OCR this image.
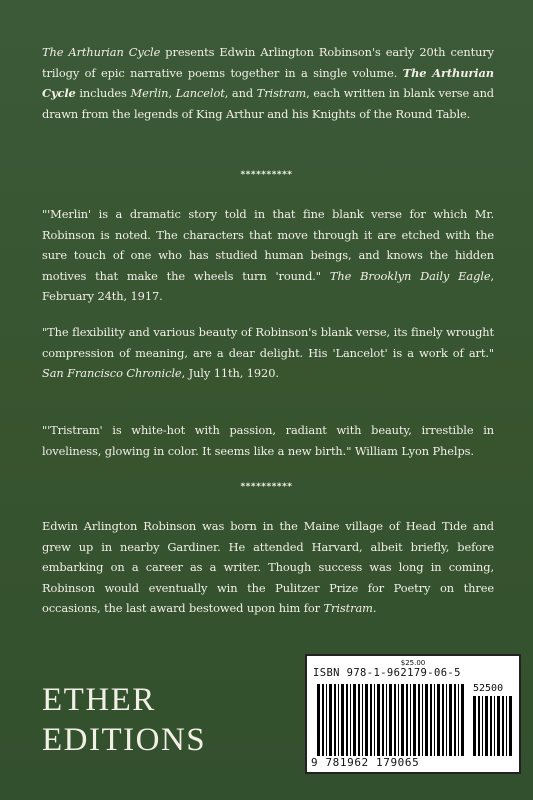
The Arthurian Cycle presents Edwin Arlington Robinson's early 20th century trilogy of epic narrative poems together in a single volume. The Arthurian Cycle includes Merlin, Lancelot, and Tristram, each written in blank verse and drawn from the legends of King Arthur and his Knights of the Round Table.

**********

"'Merlin' is a dramatic story told in that fine blank verse for which Mr. Robinson is noted. The characters that move through it are etched with the sure touch of one who has studied human beings, and knows the hidden motives that make the wheels turn 'round." The Brooklyn Daily Eagle, February 24th, 1917.

"The flexibility and various beauty of Robinson's blank verse, its finely wrought compression of meaning, are a dear delight. His 'Lancelot' is a work of art." San Francisco Chronicle, July 11th, 1920.

"'Tristram' is white-hot with passion, radiant with beauty, irrestible in loveliness, glowing in color. It seems like a new birth." William Lyon Phelps.

**********

Edwin Arlington Robinson was born in the Maine village of Head Tide and grew up in nearby Gardiner. He attended Harvard, albeit briefly, before embarking on a career as a writer. Though success was long in coming, Robinson would eventually win the Pulitzer Prize for Poetry on three occasions, the last award bestowed upon him for Tristram.

ETHER
EDITIONS
$25.00
ISBN 978-1-962179-06-5
52500
9 781962 179065
